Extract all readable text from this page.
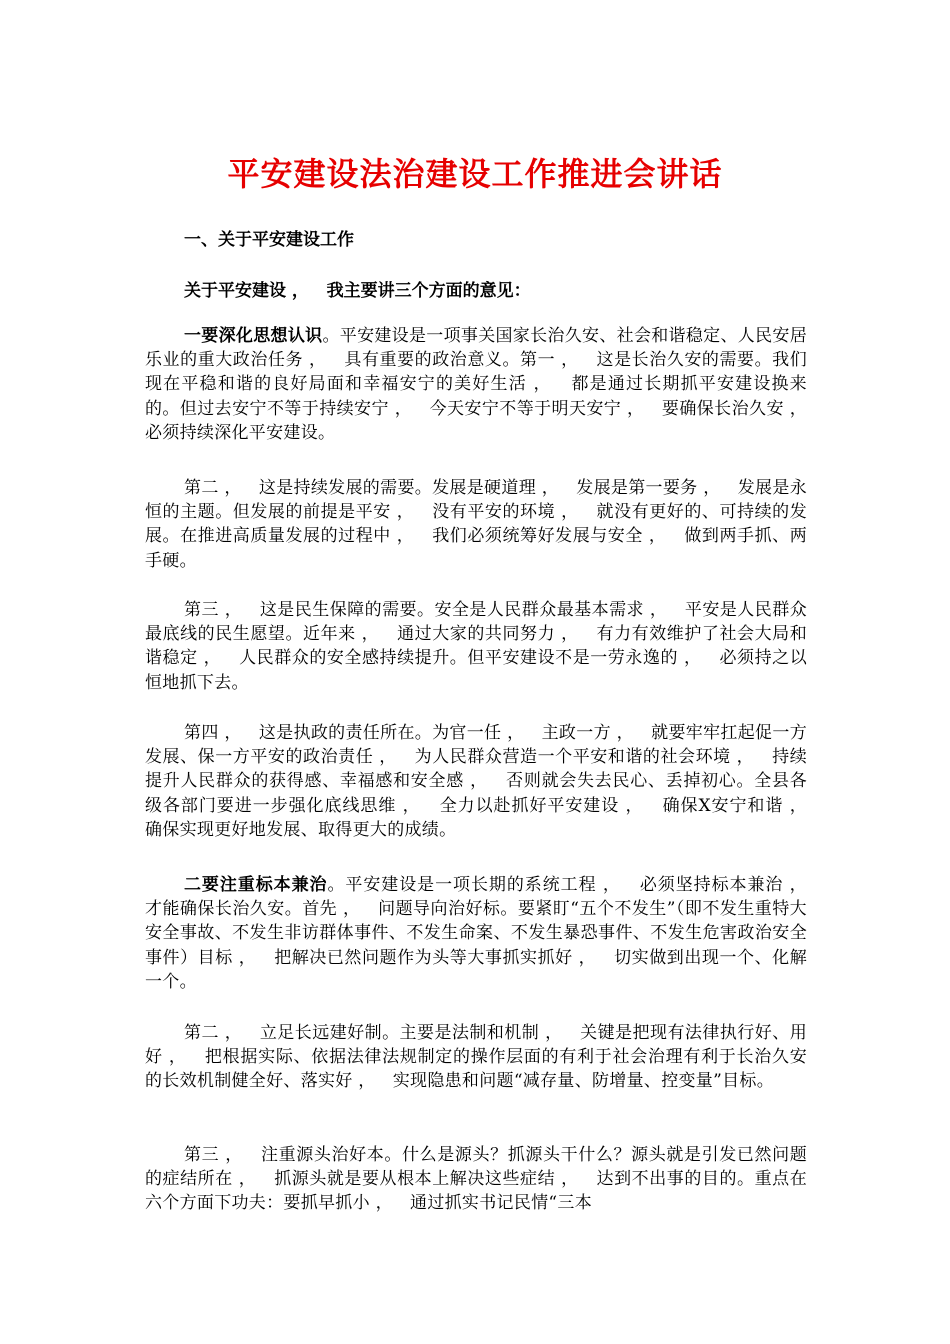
平安建设法治建设工作推进会讲话
一、关于平安建设工作
关于平安建设 ，   我主要讲三个方面的意见：
一要深化思想认识。平安建设是一项事关国家长治久安、社会和谐稳定、人民安居乐业的重大政治任务 ，   具有重要的政治意义。第一 ，   这是长治久安的需要。我们现在平稳和谐的良好局面和幸福安宁的美好生活 ，   都是通过长期抓平安建设换来的。但过去安宁不等于持续安宁 ，   今天安宁不等于明天安宁 ，   要确保长治久安 ，   必须持续深化平安建设。
第二 ，   这是持续发展的需要。发展是硬道理 ，   发展是第一要务 ，   发展是永恒的主题。但发展的前提是平安 ，   没有平安的环境 ，   就没有更好的、可持续的发展。在推进高质量发展的过程中 ，   我们必须统筹好发展与安全 ，   做到两手抓、两手硬。
第三 ，   这是民生保障的需要。安全是人民群众最基本需求 ，   平安是人民群众最底线的民生愿望。近年来 ，   通过大家的共同努力 ，   有力有效维护了社会大局和谐稳定 ，   人民群众的安全感持续提升。但平安建设不是一劳永逸的 ，   必须持之以恒地抓下去。
第四 ，   这是执政的责任所在。为官一任 ，   主政一方 ，   就要牢牢扛起促一方发展、保一方平安的政治责任 ，   为人民群众营造一个平安和谐的社会环境 ，   持续提升人民群众的获得感、幸福感和安全感 ，   否则就会失去民心、丢掉初心。全县各级各部门要进一步强化底线思维 ，   全力以赴抓好平安建设 ，   确保X安宁和谐 ，   确保实现更好地发展、取得更大的成绩。
二要注重标本兼治。平安建设是一项长期的系统工程 ，   必须坚持标本兼治 ，   才能确保长治久安。首先 ，   问题导向治好标。要紧盯“五个不发生”（即不发生重特大安全事故、不发生非访群体事件、不发生命案、不发生暴恐事件、不发生危害政治安全事件）目标 ，   把解决已然问题作为头等大事抓实抓好 ，   切实做到出现一个、化解一个。
第二 ，   立足长远建好制。主要是法制和机制 ，   关键是把现有法律执行好、用好 ，   把根据实际、依据法律法规制定的操作层面的有利于社会治理有利于长治久安的长效机制健全好、落实好 ，   实现隐患和问题“减存量、防增量、控变量”目标。
第三 ，   注重源头治好本。什么是源头？抓源头干什么？源头就是引发已然问题的症结所在 ，   抓源头就是要从根本上解决这些症结 ，   达到不出事的目的。重点在六个方面下功夫：要抓早抓小 ，   通过抓实书记民情“三本
